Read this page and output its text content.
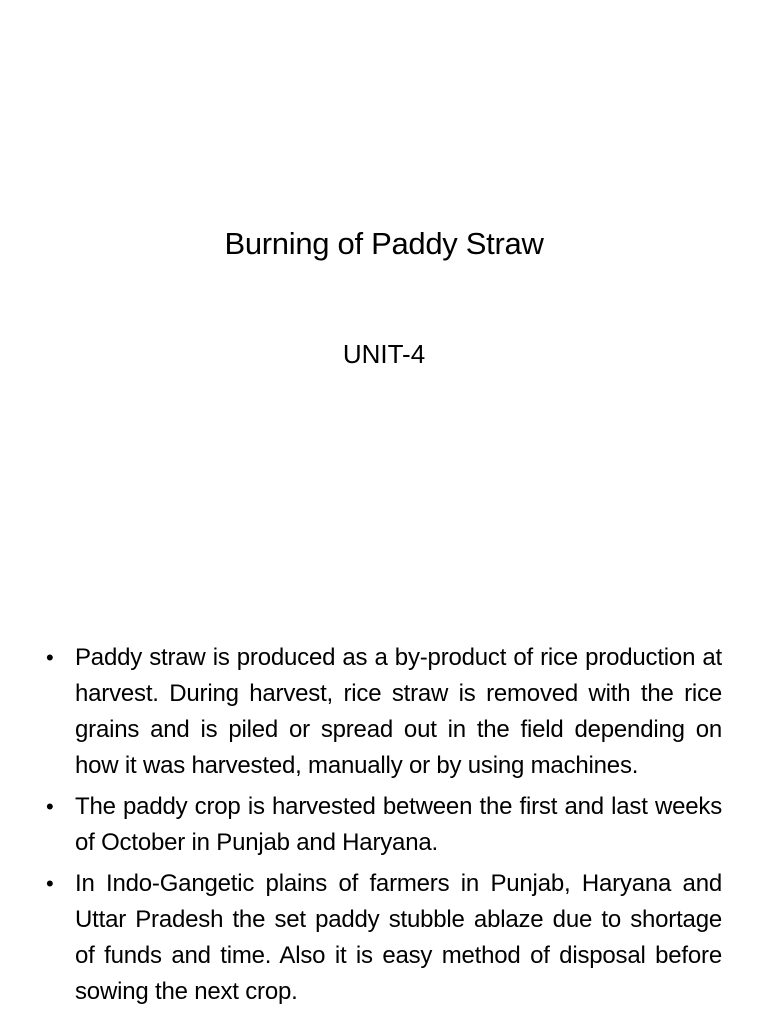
Burning of Paddy Straw
UNIT-4
• Paddy straw is produced as a by-product of rice production at harvest. During harvest, rice straw is removed with the rice grains and is piled or spread out in the field depending on how it was harvested, manually or by using machines.
• The paddy crop is harvested between the first and last weeks of October in Punjab and Haryana.
• In Indo-Gangetic plains of farmers in Punjab, Haryana and Uttar Pradesh the set paddy stubble ablaze due to shortage of funds and time. Also it is easy method of disposal before sowing the next crop.
